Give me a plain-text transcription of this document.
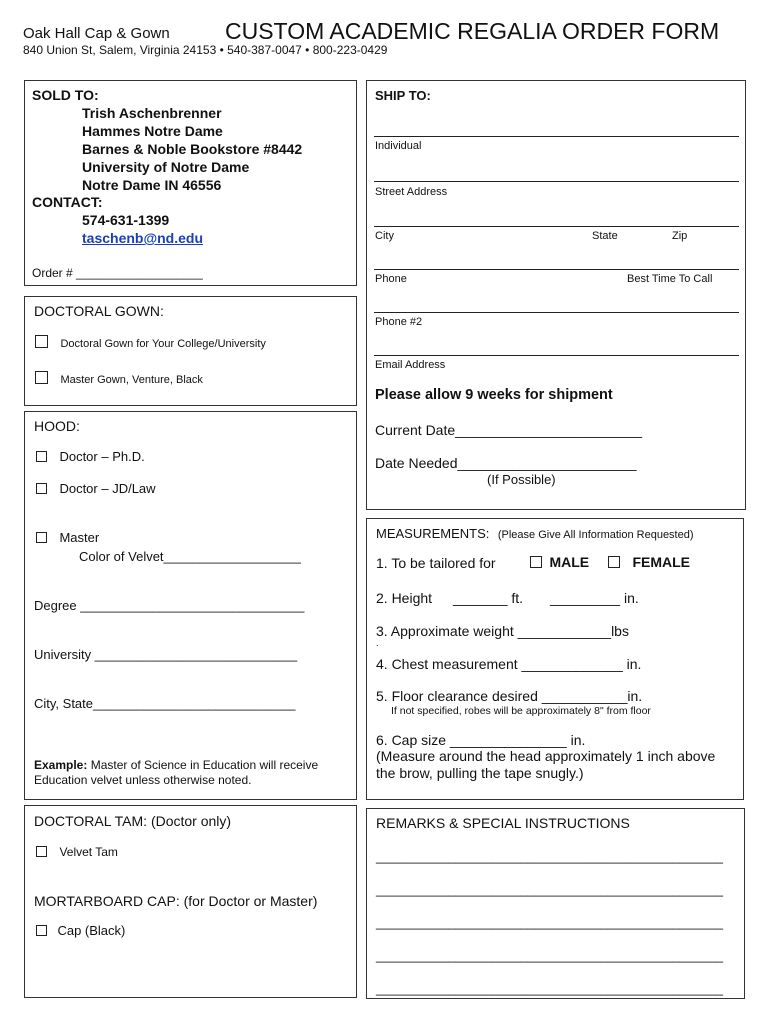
Oak Hall Cap & Gown CUSTOM ACADEMIC REGALIA ORDER FORM
840 Union St, Salem, Virginia 24153 • 540-387-0047 • 800-223-0429
SOLD TO:
Trish Aschenbrenner
Hammes Notre Dame
Barnes & Noble Bookstore #8442
University of Notre Dame
Notre Dame IN 46556
CONTACT:
574-631-1399
taschenb@nd.edu
Order # ___________________
DOCTORAL GOWN:
Doctoral Gown for Your College/University
Master Gown, Venture, Black
HOOD:
Doctor – Ph.D.
Doctor – JD/Law
Master
Color of Velvet___________________
Degree _______________________________
University ____________________________
City, State____________________________
Example: Master of Science in Education will receive
Education velvet unless otherwise noted.
DOCTORAL TAM: (Doctor only)
Velvet Tam
MORTARBOARD CAP: (for Doctor or Master)
Cap (Black)
SHIP TO:
Individual
Street Address
City	State	Zip
Phone	Best Time To Call
Phone #2
Email Address
Please allow 9 weeks for shipment
Current Date________________________
Date Needed_______________________
(If Possible)
MEASUREMENTS: (Please Give All Information Requested)
1. To be tailored for	MALE	FEMALE
2. Height _______ ft. _________ in.
3. Approximate weight ____________lbs
.
4. Chest measurement _____________ in.
5. Floor clearance desired ___________in.
If not specified, robes will be approximately 8" from floor
6. Cap size _______________ in.
(Measure around the head approximately 1 inch above
the brow, pulling the tape snugly.)
REMARKS & SPECIAL INSTRUCTIONS
________________________________________________
________________________________________________
________________________________________________
________________________________________________
________________________________________________
